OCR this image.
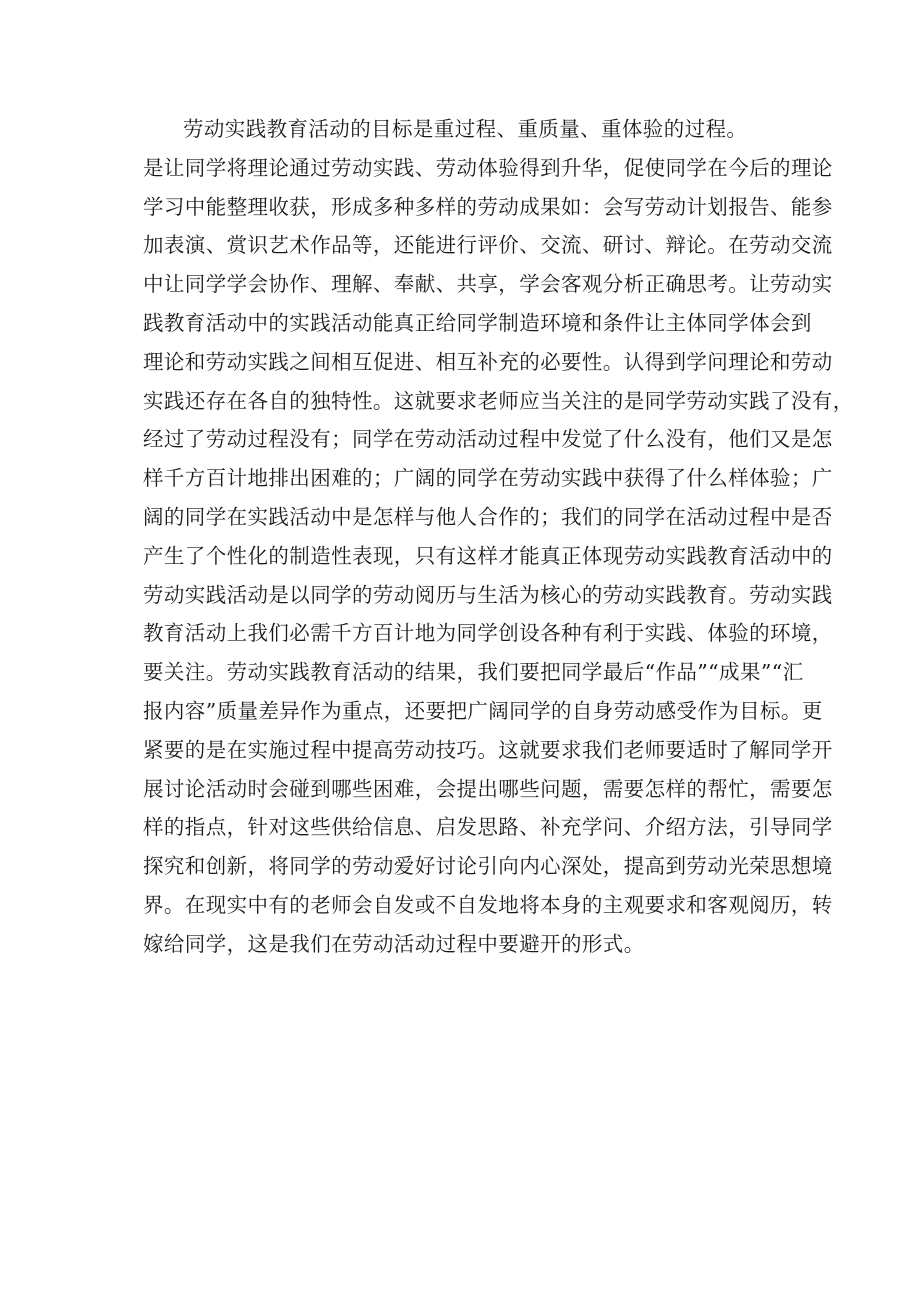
劳动实践教育活动的目标是重过程、重质量、重体验的过程。
是让同学将理论通过劳动实践、劳动体验得到升华，促使同学在今后的理论
学习中能整理收获，形成多种多样的劳动成果如：会写劳动计划报告、能参
加表演、赏识艺术作品等，还能进行评价、交流、研讨、辩论。在劳动交流
中让同学学会协作、理解、奉献、共享，学会客观分析正确思考。让劳动实
践教育活动中的实践活动能真正给同学制造环境和条件让主体同学体会到
理论和劳动实践之间相互促进、相互补充的必要性。认得到学问理论和劳动
实践还存在各自的独特性。这就要求老师应当关注的是同学劳动实践了没有，
经过了劳动过程没有；同学在劳动活动过程中发觉了什么没有，他们又是怎
样千方百计地排出困难的；广阔的同学在劳动实践中获得了什么样体验；广
阔的同学在实践活动中是怎样与他人合作的；我们的同学在活动过程中是否
产生了个性化的制造性表现，只有这样才能真正体现劳动实践教育活动中的
劳动实践活动是以同学的劳动阅历与生活为核心的劳动实践教育。劳动实践
教育活动上我们必需千方百计地为同学创设各种有利于实践、体验的环境，
要关注。劳动实践教育活动的结果，我们要把同学最后“作品”“成果”“汇
报内容”质量差异作为重点，还要把广阔同学的自身劳动感受作为目标。更
紧要的是在实施过程中提高劳动技巧。这就要求我们老师要适时了解同学开
展讨论活动时会碰到哪些困难，会提出哪些问题，需要怎样的帮忙，需要怎
样的指点，针对这些供给信息、启发思路、补充学问、介绍方法，引导同学
探究和创新，将同学的劳动爱好讨论引向内心深处，提高到劳动光荣思想境
界。在现实中有的老师会自发或不自发地将本身的主观要求和客观阅历，转
嫁给同学，这是我们在劳动活动过程中要避开的形式。
